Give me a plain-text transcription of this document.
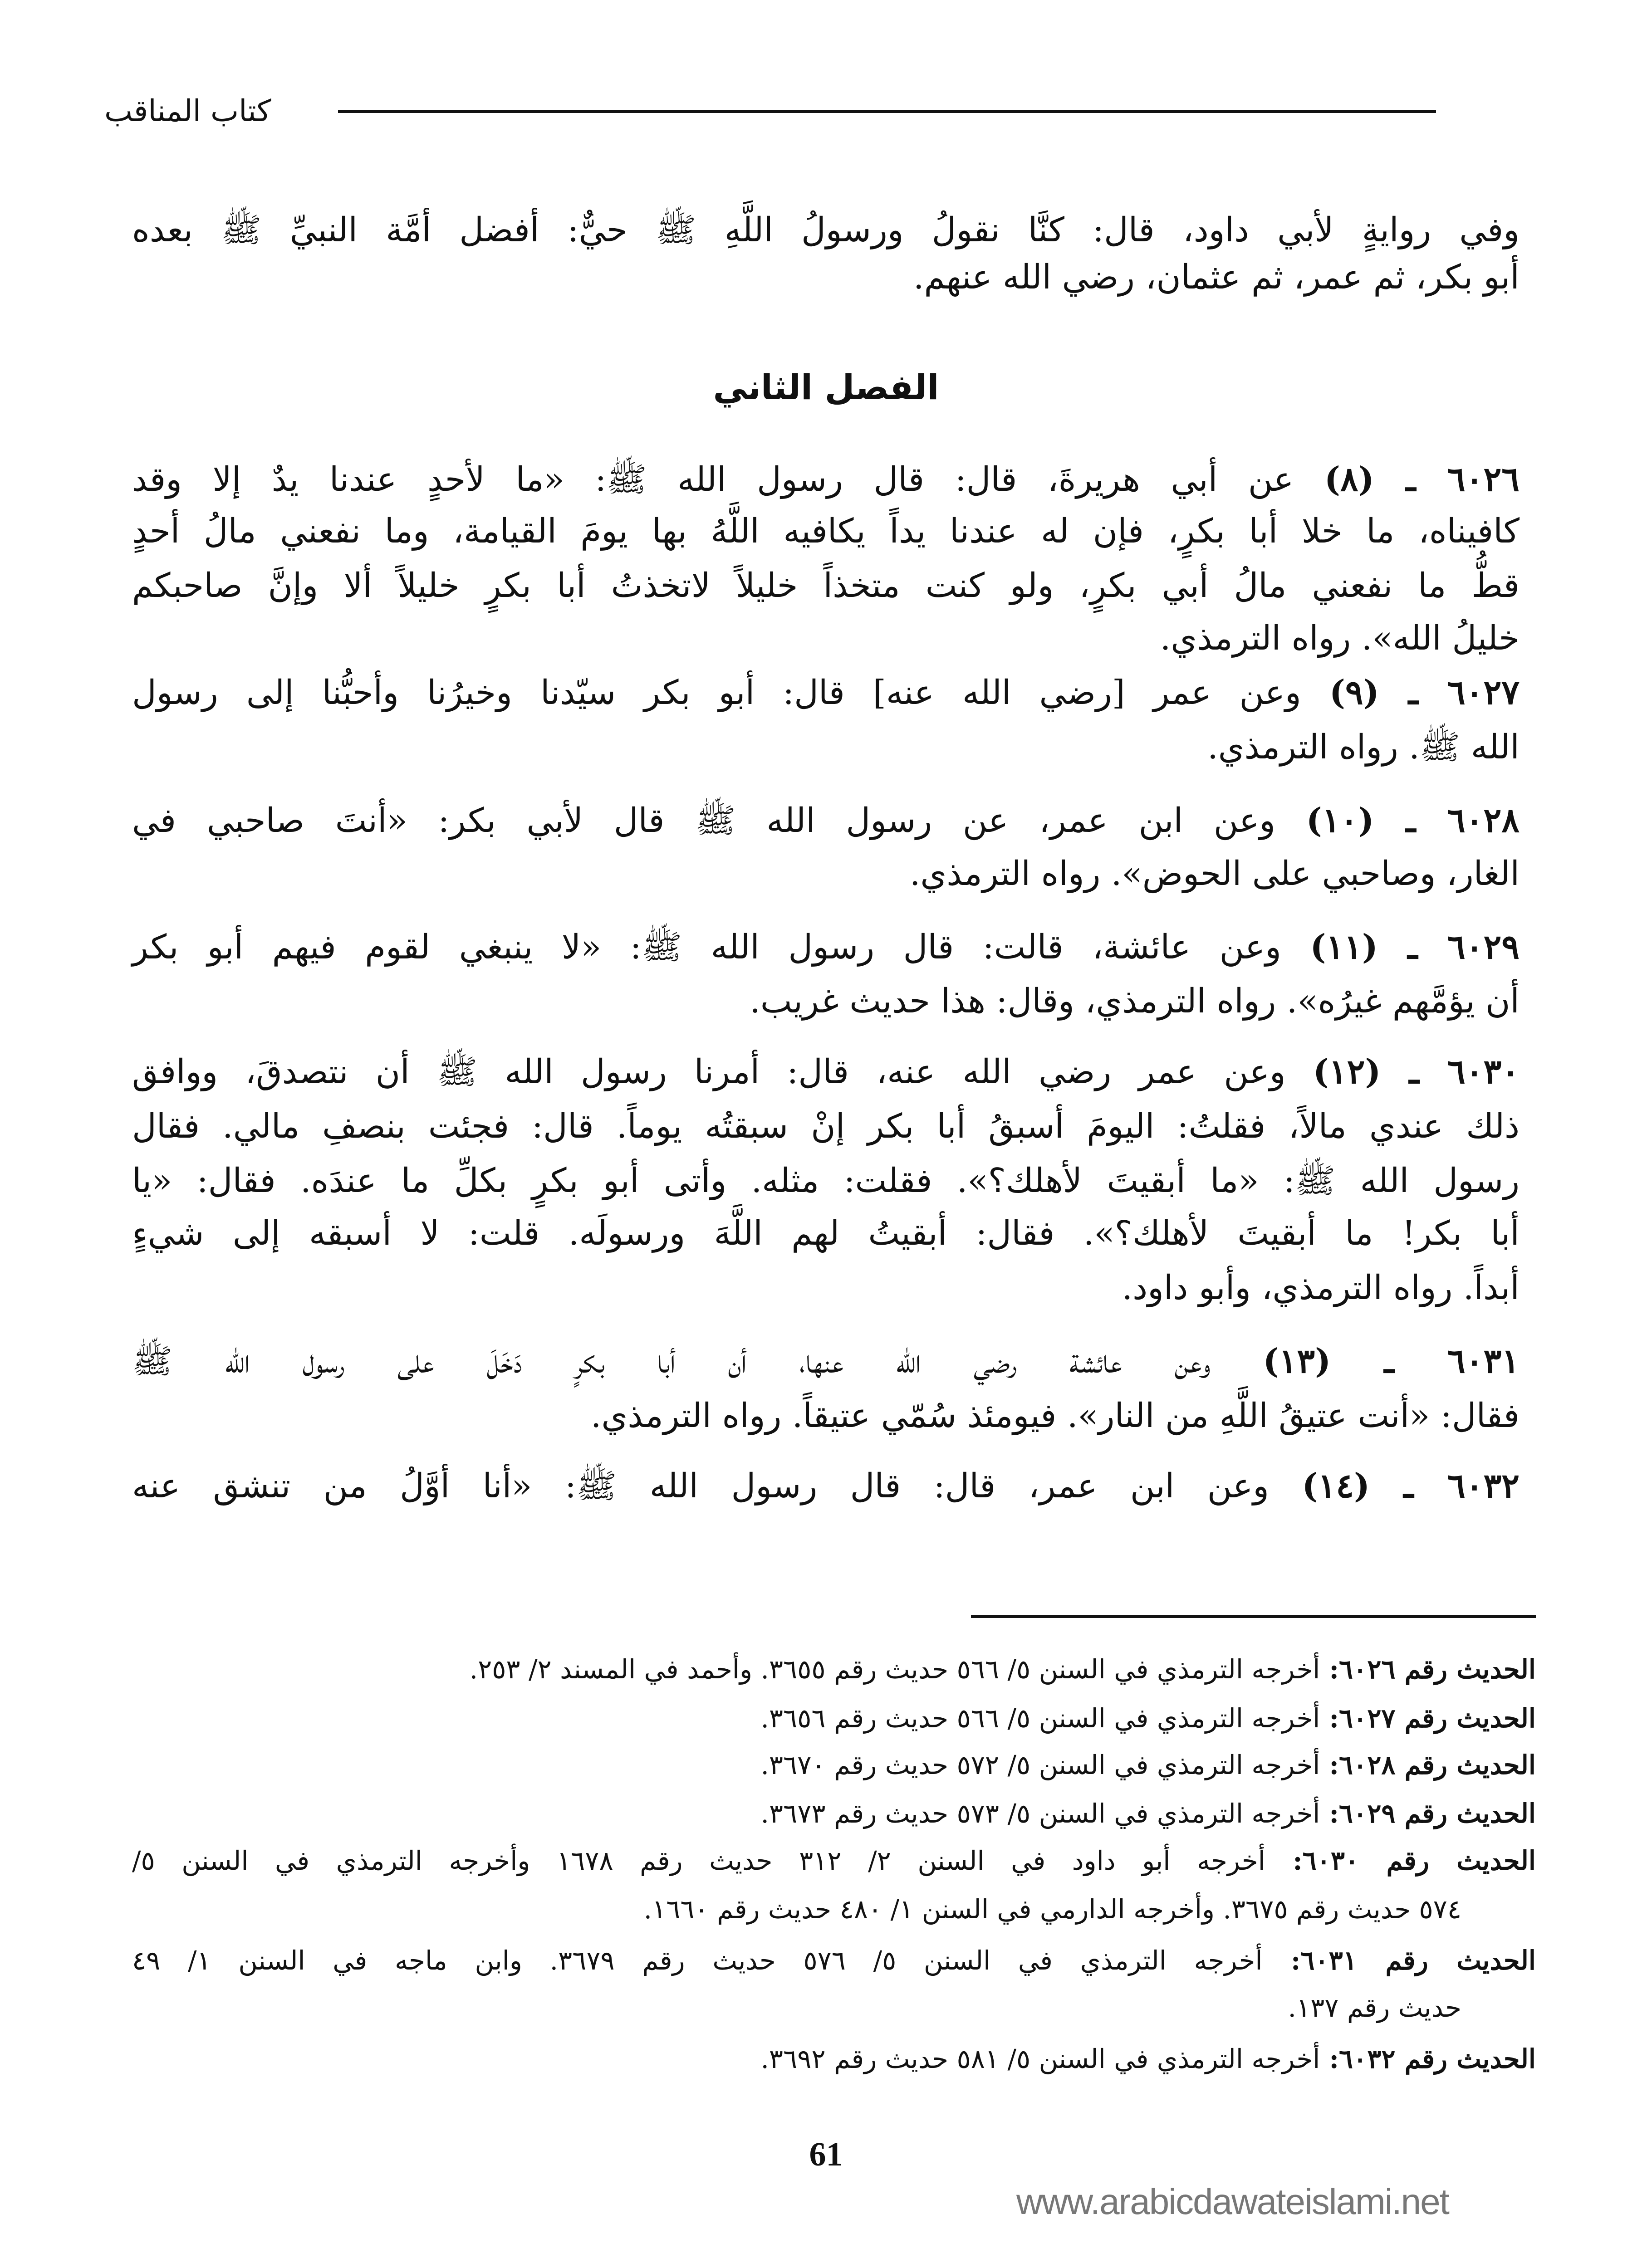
كتاب المناقب
وفي روايةٍ لأبي داود، قال: كنَّا نقولُ ورسولُ اللَّهِ ﷺ حيٌّ: أفضل أمَّة النبيِّ ﷺ بعده
أبو بكر، ثم عمر، ثم عثمان، رضي الله عنهم.
الفصل الثاني
٦٠٢٦ ـ (٨) عن أبي هريرةَ، قال: قال رسول الله ﷺ: «ما لأحدٍ عندنا يدٌ إلا وقد
كافيناه، ما خلا أبا بكرٍ، فإن له عندنا يداً يكافيه اللَّهُ بها يومَ القيامة، وما نفعني مالُ أحدٍ
قطُّ ما نفعني مالُ أبي بكرٍ، ولو كنت متخذاً خليلاً لاتخذتُ أبا بكرٍ خليلاً ألا وإنَّ صاحبكم
خليلُ الله». رواه الترمذي.
٦٠٢٧ ـ (٩) وعن عمر [رضي الله عنه] قال: أبو بكر سيّدنا وخيرُنا وأحبُّنا إلى رسول
الله ﷺ. رواه الترمذي.
٦٠٢٨ ـ (١٠) وعن ابن عمر، عن رسول الله ﷺ قال لأبي بكر: «أنتَ صاحبي في
الغار، وصاحبي على الحوض». رواه الترمذي.
٦٠٢٩ ـ (١١) وعن عائشة، قالت: قال رسول الله ﷺ: «لا ينبغي لقوم فيهم أبو بكر
أن يؤمَّهم غيرُه». رواه الترمذي، وقال: هذا حديث غريب.
٦٠٣٠ ـ (١٢) وعن عمر رضي الله عنه، قال: أمرنا رسول الله ﷺ أن نتصدقَ، ووافق
ذلك عندي مالاً، فقلتُ: اليومَ أسبقُ أبا بكر إنْ سبقتُه يوماً. قال: فجئت بنصفِ مالي. فقال
رسول الله ﷺ: «ما أبقيتَ لأهلك؟». فقلت: مثله. وأتى أبو بكرٍ بكلِّ ما عندَه. فقال: «يا
أبا بكر! ما أبقيتَ لأهلك؟». فقال: أبقيتُ لهم اللَّهَ ورسولَه. قلت: لا أسبقه إلى شيءٍ
أبداً. رواه الترمذي، وأبو داود.
٦٠٣١ ـ (١٣) وعن عائشة رضي الله عنها، أن أبا بكرٍ دَخَلَ على رسول الله ﷺ
فقال: «أنت عتيقُ اللَّهِ من النار». فيومئذ سُمّي عتيقاً. رواه الترمذي.
٦٠٣٢ ـ (١٤) وعن ابن عمر، قال: قال رسول الله ﷺ: «أنا أوَّلُ من تنشق عنه
الحديث رقم ٦٠٢٦: أخرجه الترمذي في السنن ٥/ ٥٦٦ حديث رقم ٣٦٥٥. وأحمد في المسند ٢/ ٢٥٣.
الحديث رقم ٦٠٢٧: أخرجه الترمذي في السنن ٥/ ٥٦٦ حديث رقم ٣٦٥٦.
الحديث رقم ٦٠٢٨: أخرجه الترمذي في السنن ٥/ ٥٧٢ حديث رقم ٣٦٧٠.
الحديث رقم ٦٠٢٩: أخرجه الترمذي في السنن ٥/ ٥٧٣ حديث رقم ٣٦٧٣.
الحديث رقم ٦٠٣٠: أخرجه أبو داود في السنن ٢/ ٣١٢ حديث رقم ١٦٧٨ وأخرجه الترمذي في السنن ٥/
٥٧٤ حديث رقم ٣٦٧٥. وأخرجه الدارمي في السنن ١/ ٤٨٠ حديث رقم ١٦٦٠.
الحديث رقم ٦٠٣١: أخرجه الترمذي في السنن ٥/ ٥٧٦ حديث رقم ٣٦٧٩. وابن ماجه في السنن ١/ ٤٩
حديث رقم ١٣٧.
الحديث رقم ٦٠٣٢: أخرجه الترمذي في السنن ٥/ ٥٨١ حديث رقم ٣٦٩٢.
61
www.arabicdawateislami.net
